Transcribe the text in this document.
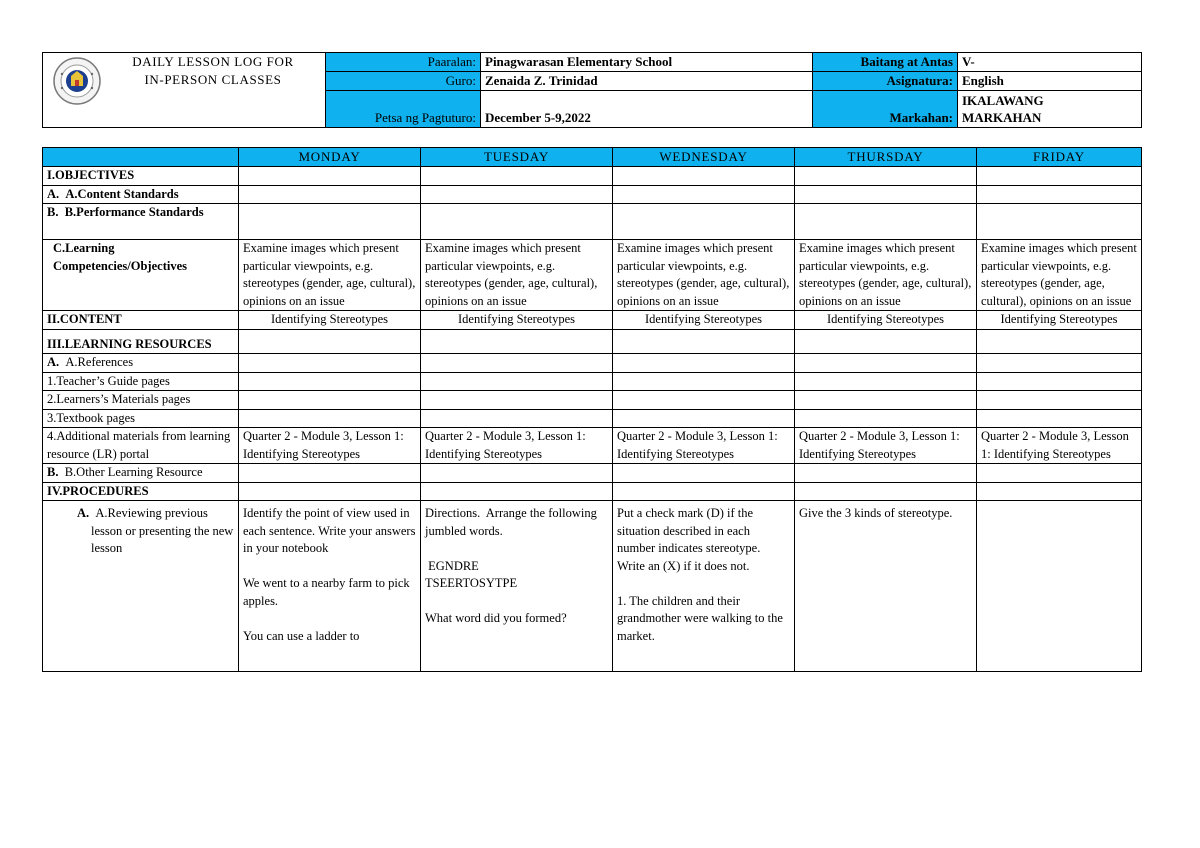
	Paaralan:	Pinagwarasan Elementary School	Baitang at Antas	V-
	Guro:	Zenaida Z. Trinidad	Asignatura:	English
	Petsa ng Pagtuturo:	December 5-9,2022	Markahan:	IKALAWANG
MARKAHAN
DAILY LESSON LOG FOR
IN-PERSON CLASSES
	MONDAY	TUESDAY	WEDNESDAY	THURSDAY	FRIDAY
I.OBJECTIVES					

A. A.Content Standards					

B. B.Performance Standards					

C.Learning Competencies/Objectives	Examine images which present particular viewpoints, e.g. stereotypes (gender, age, cultural), opinions on an issue	Examine images which present particular viewpoints, e.g. stereotypes (gender, age, cultural), opinions on an issue	Examine images which present particular viewpoints, e.g. stereotypes (gender, age, cultural), opinions on an issue	Examine images which present particular viewpoints, e.g. stereotypes (gender, age, cultural), opinions on an issue	Examine images which present particular viewpoints, e.g. stereotypes (gender, age, cultural), opinions on an issue
II.CONTENT	Identifying Stereotypes	Identifying Stereotypes	Identifying Stereotypes	Identifying Stereotypes	Identifying Stereotypes
III.LEARNING RESOURCES					
A. A.References					
1.Teacher’s Guide pages					
2.Learners’s Materials pages					
3.Textbook pages					
4.Additional materials from learning resource (LR) portal	Quarter 2 - Module 3, Lesson 1: Identifying Stereotypes	Quarter 2 - Module 3, Lesson 1: Identifying Stereotypes	Quarter 2 - Module 3, Lesson 1: Identifying Stereotypes	Quarter 2 - Module 3, Lesson 1: Identifying Stereotypes	Quarter 2 - Module 3, Lesson 1: Identifying Stereotypes

B. B.Other Learning Resource					

IV.PROCEDURES					

A. A.Reviewing previous lesson or presenting the new lesson	Identify the point of view used in each sentence. Write your answers in your notebook

We went to a nearby farm to pick apples.

You can use a ladder to	Directions.  Arrange the following jumbled words.

EGNDRE
TSEERTOSYTPE

What word did you formed?	Put a check mark (D) if the situation described in each number indicates stereotype. Write an (X) if it does not.

1. The children and their grandmother were walking to the market.	Give the 3 kinds of stereotype.	
